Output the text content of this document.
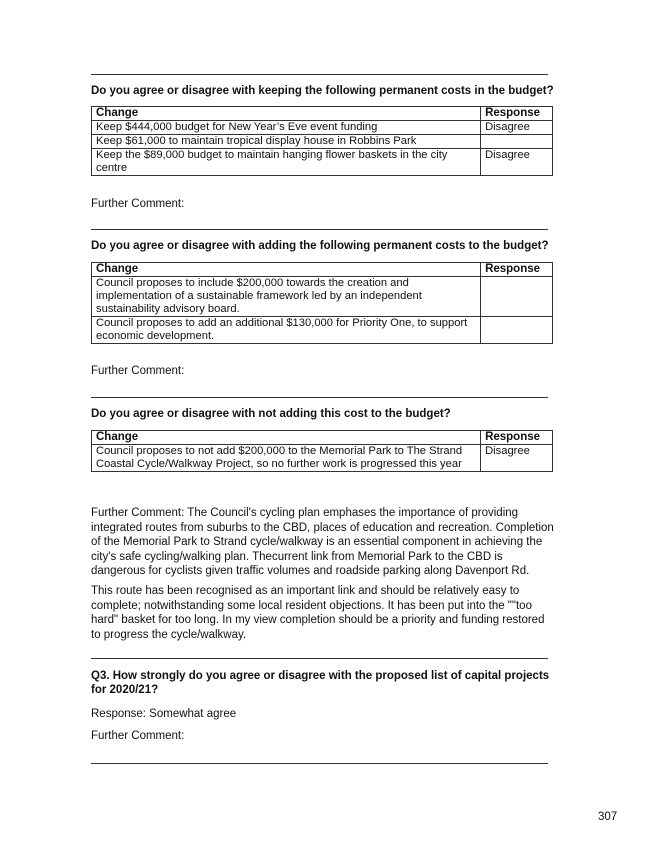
Do you agree or disagree with keeping the following permanent costs in the budget?
Change	Response
Keep $444,000 budget for New Year’s Eve event funding	Disagree
Keep $61,000 to maintain tropical display house in Robbins Park	
Keep the $89,000 budget to maintain hanging flower baskets in the city centre	Disagree
Further Comment:
Do you agree or disagree with adding the following permanent costs to the budget?
Change	Response
Council proposes to include $200,000 towards the creation and implementation of a sustainable framework led by an independent sustainability advisory board.	
Council proposes to add an additional $130,000 for Priority One, to support economic development.	
Further Comment:
Do you agree or disagree with not adding this cost to the budget?
Change	Response
Council proposes to not add $200,000 to the Memorial Park to The Strand Coastal Cycle/Walkway Project, so no further work is progressed this year	Disagree
Further Comment: The Council's cycling plan emphases the importance of providing integrated routes from suburbs to the CBD, places of education and recreation. Completion of the Memorial Park to Strand cycle/walkway is an essential component in achieving the city's safe cycling/walking plan. Thecurrent link from Memorial Park to the CBD is dangerous for cyclists given traffic volumes and roadside parking along Davenport Rd.
This route has been recognised as an important link and should be relatively easy to complete; notwithstanding some local resident objections. It has been put into the ""too hard" basket for too long. In my view completion should be a priority and funding restored to progress the cycle/walkway.
Q3. How strongly do you agree or disagree with the proposed list of capital projects for 2020/21?
Response: Somewhat agree
Further Comment:
307
